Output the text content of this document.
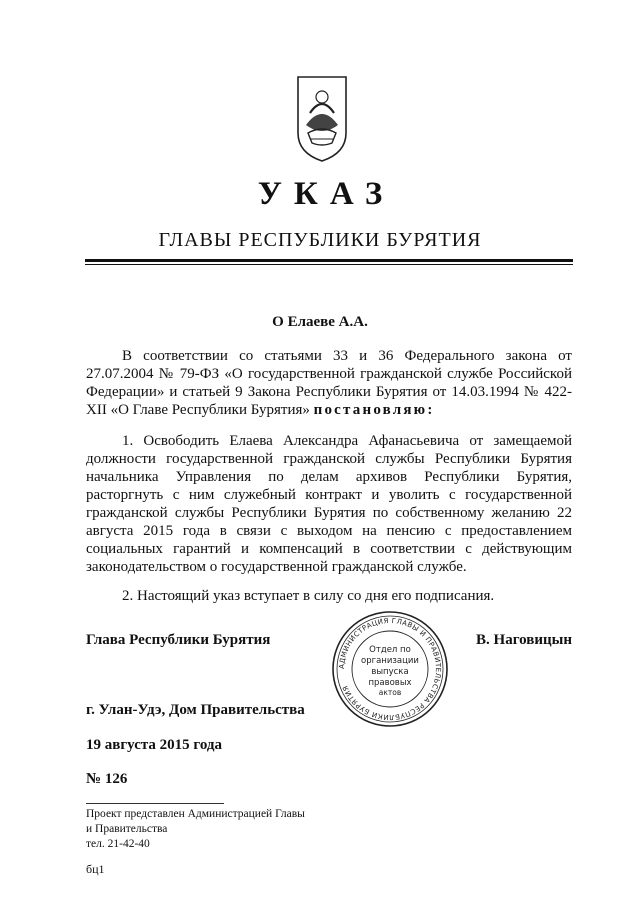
УКАЗ
ГЛАВЫ РЕСПУБЛИКИ БУРЯТИЯ
О Елаеве А.А.
В соответствии со статьями 33 и 36 Федерального закона от 27.07.2004 № 79-ФЗ «О государственной гражданской службе Российской Федерации» и статьей 9 Закона Республики Бурятия от 14.03.1994 № 422-XII «О Главе Республики Бурятия» постановляю:
1. Освободить Елаева Александра Афанасьевича от замещаемой должности государственной гражданской службы Республики Бурятия начальника Управления по делам архивов Республики Бурятия, расторгнуть с ним служебный контракт и уволить с государственной гражданской службы Республики Бурятия по собственному желанию 22 августа 2015 года в связи с выходом на пенсию с предоставлением социальных гарантий и компенсаций в соответствии с действующим законодательством о государственной гражданской службе.
2. Настоящий указ вступает в силу со дня его подписания.
Глава Республики Бурятия	В. Наговицын
АДМИНИСТРАЦИЯ ГЛАВЫ И ПРАВИТЕЛЬСТВА РЕСПУБЛИКИ БУРЯТИЯ
Отдел по
организации
выпуска
правовых
актов
г. Улан-Удэ, Дом Правительства
19 августа 2015 года
№ 126
Проект представлен Администрацией Главы
и Правительства
тел. 21-42-40
бц1
